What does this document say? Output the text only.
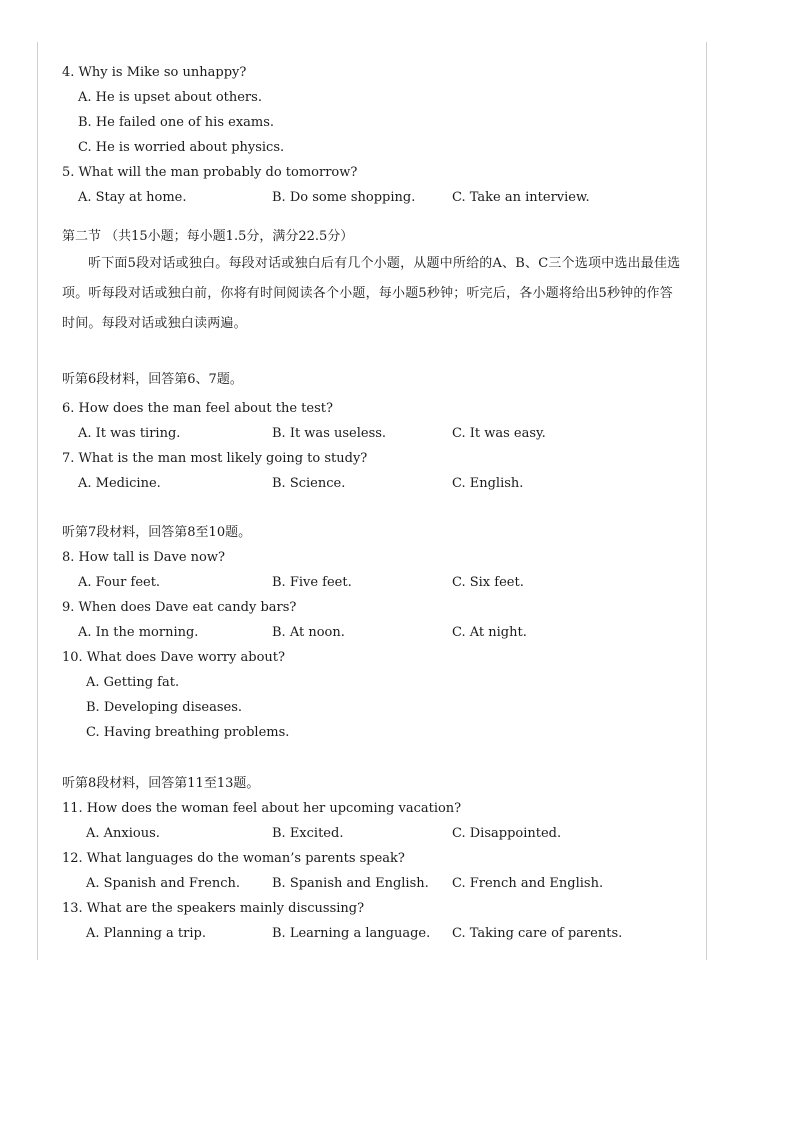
4. Why is Mike so unhappy?
A. He is upset about others.
B. He failed one of his exams.
C. He is worried about physics.
5. What will the man probably do tomorrow?
A. Stay at home.	B. Do some shopping.	C. Take an interview.
第二节 （共15小题；每小题1.5分，满分22.5分）
听下面5段对话或独白。每段对话或独白后有几个小题，从题中所给的A、B、C三个选项中选出最佳选项。听每段对话或独白前，你将有时间阅读各个小题，每小题5秒钟；听完后，各小题将给出5秒钟的作答时间。每段对话或独白读两遍。
听第6段材料，回答第6、7题。
6. How does the man feel about the test?
A. It was tiring.	B. It was useless.	C. It was easy.
7. What is the man most likely going to study?
A. Medicine.	B. Science.	C. English.
听第7段材料，回答第8至10题。
8. How tall is Dave now?
A. Four feet.	B. Five feet.	C. Six feet.
9. When does Dave eat candy bars?
A. In the morning.	B. At noon.	C. At night.
10. What does Dave worry about?
A. Getting fat.
B. Developing diseases.
C. Having breathing problems.
听第8段材料，回答第11至13题。
11. How does the woman feel about her upcoming vacation?
A. Anxious.	B. Excited.	C. Disappointed.
12. What languages do the woman’s parents speak?
A. Spanish and French. B. Spanish and English. C. French and English.
13. What are the speakers mainly discussing?
A. Planning a trip.	B. Learning a language. C. Taking care of parents.
